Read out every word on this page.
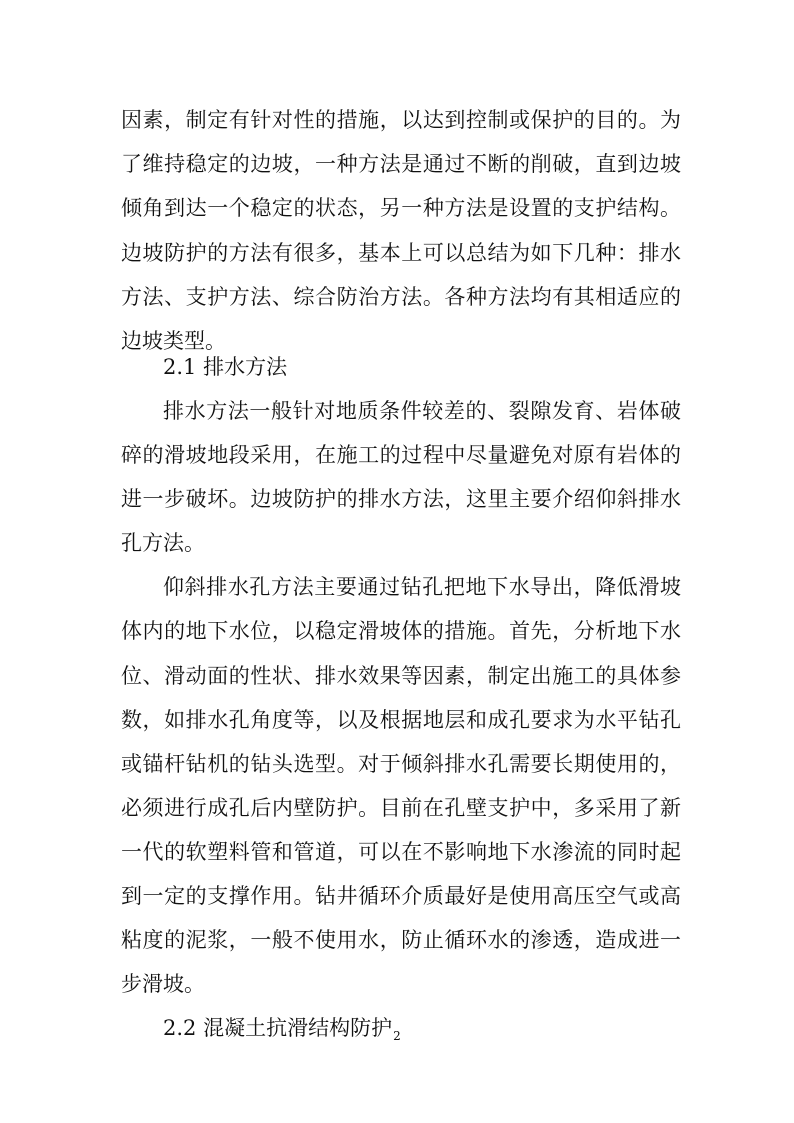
因素，制定有针对性的措施，以达到控制或保护的目的。为
了维持稳定的边坡，一种方法是通过不断的削破，直到边坡
倾角到达一个稳定的状态，另一种方法是设置的支护结构。
边坡防护的方法有很多，基本上可以总结为如下几种：排水
方法、支护方法、综合防治方法。各种方法均有其相适应的
边坡类型。
2.1 排水方法
排水方法一般针对地质条件较差的、裂隙发育、岩体破
碎的滑坡地段采用，在施工的过程中尽量避免对原有岩体的
进一步破坏。边坡防护的排水方法，这里主要介绍仰斜排水
孔方法。
仰斜排水孔方法主要通过钻孔把地下水导出，降低滑坡
体内的地下水位，以稳定滑坡体的措施。首先，分析地下水
位、滑动面的性状、排水效果等因素，制定出施工的具体参
数，如排水孔角度等，以及根据地层和成孔要求为水平钻孔
或锚杆钻机的钻头选型。对于倾斜排水孔需要长期使用的，
必须进行成孔后内壁防护。目前在孔壁支护中，多采用了新
一代的软塑料管和管道，可以在不影响地下水渗流的同时起
到一定的支撑作用。钻井循环介质最好是使用高压空气或高
粘度的泥浆，一般不使用水，防止循环水的渗透，造成进一
步滑坡。
2.2 混凝土抗滑结构防护 2
